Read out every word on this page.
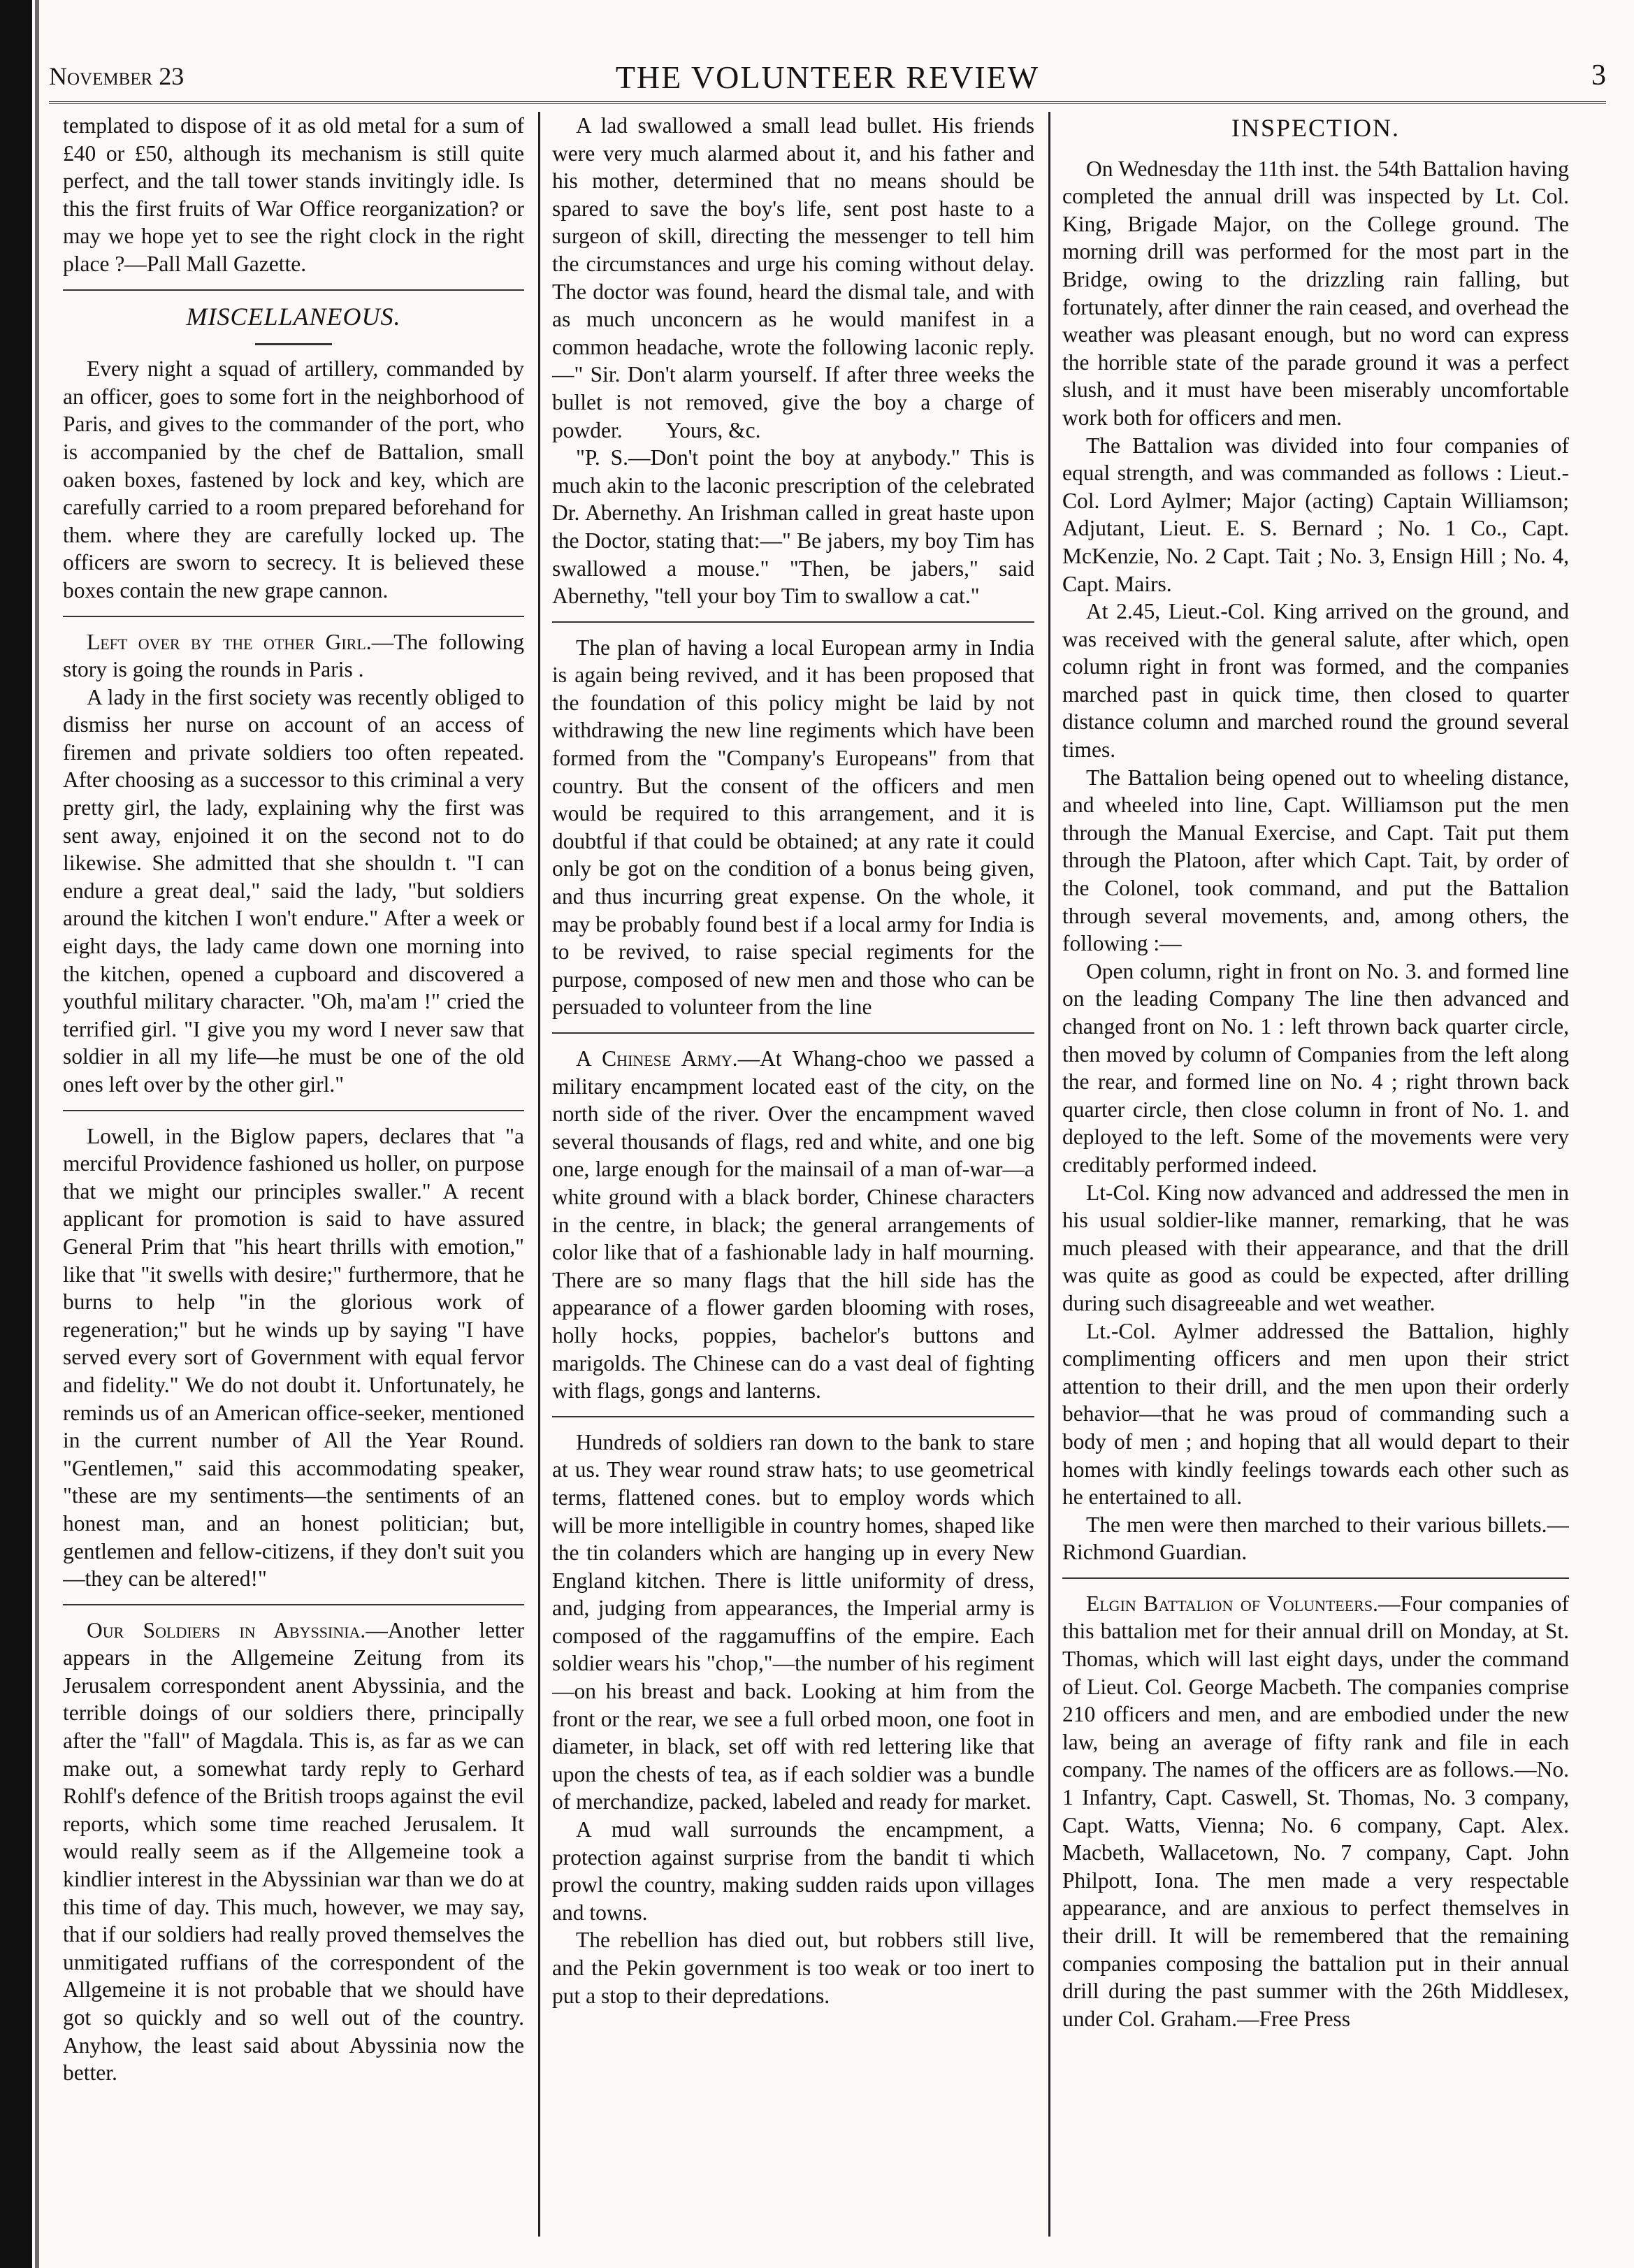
November 23	THE VOLUNTEER REVIEW	3

templated to dispose of it as old metal for a sum of £40 or £50, although its mechanism is still quite perfect, and the tall tower stands invitingly idle. Is this the first fruits of War Office reorganization? or may we hope yet to see the right clock in the right place ?—Pall Mall Gazette.

MISCELLANEOUS.

Every night a squad of artillery, commanded by an officer, goes to some fort in the neighborhood of Paris, and gives to the commander of the port, who is accompanied by the chef de Battalion, small oaken boxes, fastened by lock and key, which are carefully carried to a room prepared beforehand for them. where they are carefully locked up. The officers are sworn to secrecy. It is believed these boxes contain the new grape cannon.

Left over by the other Girl.—The following story is going the rounds in Paris .

A lady in the first society was recently obliged to dismiss her nurse on account of an access of firemen and private soldiers too often repeated. After choosing as a successor to this criminal a very pretty girl, the lady, explaining why the first was sent away, enjoined it on the second not to do likewise. She admitted that she shouldn t. "I can endure a great deal," said the lady, "but soldiers around the kitchen I won't endure." After a week or eight days, the lady came down one morning into the kitchen, opened a cupboard and discovered a youthful military character. "Oh, ma'am !" cried the terrified girl. "I give you my word I never saw that soldier in all my life—he must be one of the old ones left over by the other girl."

Lowell, in the Biglow papers, declares that "a merciful Providence fashioned us holler, on purpose that we might our principles swaller." A recent applicant for promotion is said to have assured General Prim that "his heart thrills with emotion," like that "it swells with desire;" furthermore, that he burns to help "in the glorious work of regeneration;" but he winds up by saying "I have served every sort of Government with equal fervor and fidelity." We do not doubt it. Unfortunately, he reminds us of an American office-seeker, mentioned in the current number of All the Year Round. "Gentlemen," said this accommodating speaker, "these are my sentiments—the sentiments of an honest man, and an honest politician; but, gentlemen and fellow-citizens, if they don't suit you—they can be altered!"

Our Soldiers in Abyssinia.—Another letter appears in the Allgemeine Zeitung from its Jerusalem correspondent anent Abyssinia, and the terrible doings of our soldiers there, principally after the "fall" of Magdala. This is, as far as we can make out, a somewhat tardy reply to Gerhard Rohlf's defence of the British troops against the evil reports, which some time reached Jerusalem. It would really seem as if the Allgemeine took a kindlier interest in the Abyssinian war than we do at this time of day. This much, however, we may say, that if our soldiers had really proved themselves the unmitigated ruffians of the correspondent of the Allgemeine it is not probable that we should have got so quickly and so well out of the country. Anyhow, the least said about Abyssinia now the better.

A lad swallowed a small lead bullet. His friends were very much alarmed about it, and his father and his mother, determined that no means should be spared to save the boy's life, sent post haste to a surgeon of skill, directing the messenger to tell him the circumstances and urge his coming without delay. The doctor was found, heard the dismal tale, and with as much unconcern as he would manifest in a common headache, wrote the following laconic reply.—" Sir. Don't alarm yourself. If after three weeks the bullet is not removed, give the boy a charge of powder. Yours, &c.

"P. S.—Don't point the boy at anybody." This is much akin to the laconic prescription of the celebrated Dr. Abernethy. An Irishman called in great haste upon the Doctor, stating that:—" Be jabers, my boy Tim has swallowed a mouse." "Then, be jabers," said Abernethy, "tell your boy Tim to swallow a cat."

The plan of having a local European army in India is again being revived, and it has been proposed that the foundation of this policy might be laid by not withdrawing the new line regiments which have been formed from the "Company's Europeans" from that country. But the consent of the officers and men would be required to this arrangement, and it is doubtful if that could be obtained; at any rate it could only be got on the condition of a bonus being given, and thus incurring great expense. On the whole, it may be probably found best if a local army for India is to be revived, to raise special regiments for the purpose, composed of new men and those who can be persuaded to volunteer from the line

A Chinese Army.—At Whang-choo we passed a military encampment located east of the city, on the north side of the river. Over the encampment waved several thousands of flags, red and white, and one big one, large enough for the mainsail of a man of-war—a white ground with a black border, Chinese characters in the centre, in black; the general arrangements of color like that of a fashionable lady in half mourning. There are so many flags that the hill side has the appearance of a flower garden blooming with roses, holly hocks, poppies, bachelor's buttons and marigolds. The Chinese can do a vast deal of fighting with flags, gongs and lanterns.

Hundreds of soldiers ran down to the bank to stare at us. They wear round straw hats; to use geometrical terms, flattened cones. but to employ words which will be more intelligible in country homes, shaped like the tin colanders which are hanging up in every New England kitchen. There is little uniformity of dress, and, judging from appearances, the Imperial army is composed of the raggamuffins of the empire. Each soldier wears his "chop,"—the number of his regiment—on his breast and back. Looking at him from the front or the rear, we see a full orbed moon, one foot in diameter, in black, set off with red lettering like that upon the chests of tea, as if each soldier was a bundle of merchandize, packed, labeled and ready for market.

A mud wall surrounds the encampment, a protection against surprise from the bandit ti which prowl the country, making sudden raids upon villages and towns.

The rebellion has died out, but robbers still live, and the Pekin government is too weak or too inert to put a stop to their depredations.

INSPECTION.

On Wednesday the 11th inst. the 54th Battalion having completed the annual drill was inspected by Lt. Col. King, Brigade Major, on the College ground. The morning drill was performed for the most part in the Bridge, owing to the drizzling rain falling, but fortunately, after dinner the rain ceased, and overhead the weather was pleasant enough, but no word can express the horrible state of the parade ground it was a perfect slush, and it must have been miserably uncomfortable work both for officers and men.

The Battalion was divided into four companies of equal strength, and was commanded as follows : Lieut.-Col. Lord Aylmer; Major (acting) Captain Williamson; Adjutant, Lieut. E. S. Bernard ; No. 1 Co., Capt. McKenzie, No. 2 Capt. Tait ; No. 3, Ensign Hill ; No. 4, Capt. Mairs.

At 2.45, Lieut.-Col. King arrived on the ground, and was received with the general salute, after which, open column right in front was formed, and the companies marched past in quick time, then closed to quarter distance column and marched round the ground several times.

The Battalion being opened out to wheeling distance, and wheeled into line, Capt. Williamson put the men through the Manual Exercise, and Capt. Tait put them through the Platoon, after which Capt. Tait, by order of the Colonel, took command, and put the Battalion through several movements, and, among others, the following :—

Open column, right in front on No. 3. and formed line on the leading Company The line then advanced and changed front on No. 1 : left thrown back quarter circle, then moved by column of Companies from the left along the rear, and formed line on No. 4 ; right thrown back quarter circle, then close column in front of No. 1. and deployed to the left. Some of the movements were very creditably performed indeed.

Lt-Col. King now advanced and addressed the men in his usual soldier-like manner, remarking, that he was much pleased with their appearance, and that the drill was quite as good as could be expected, after drilling during such disagreeable and wet weather.

Lt.-Col. Aylmer addressed the Battalion, highly complimenting officers and men upon their strict attention to their drill, and the men upon their orderly behavior—that he was proud of commanding such a body of men ; and hoping that all would depart to their homes with kindly feelings towards each other such as he entertained to all.

The men were then marched to their various billets.—Richmond Guardian.

Elgin Battalion of Volunteers.—Four companies of this battalion met for their annual drill on Monday, at St. Thomas, which will last eight days, under the command of Lieut. Col. George Macbeth. The companies comprise 210 officers and men, and are embodied under the new law, being an average of fifty rank and file in each company. The names of the officers are as follows.—No. 1 Infantry, Capt. Caswell, St. Thomas, No. 3 company, Capt. Watts, Vienna; No. 6 company, Capt. Alex. Macbeth, Wallacetown, No. 7 company, Capt. John Philpott, Iona. The men made a very respectable appearance, and are anxious to perfect themselves in their drill. It will be remembered that the remaining companies composing the battalion put in their annual drill during the past summer with the 26th Middlesex, under Col. Graham.—Free Press
